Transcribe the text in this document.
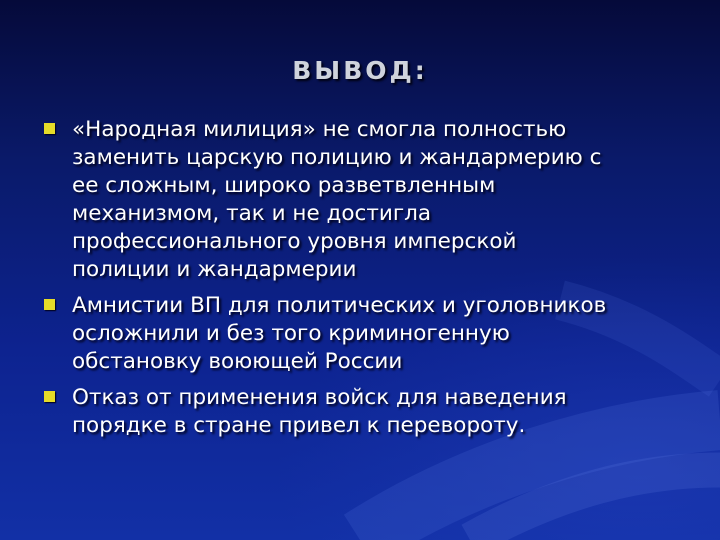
ВЫВОД:
«Народная милиция» не смогла полностью
заменить царскую полицию и жандармерию с
ее сложным, широко разветвленным
механизмом, так и не достигла
профессионального уровня имперской
полиции и жандармерии
Амнистии ВП для политических и уголовников
осложнили и без того криминогенную
обстановку воюющей России
Отказ от применения войск для наведения
порядке в стране привел к перевороту.
